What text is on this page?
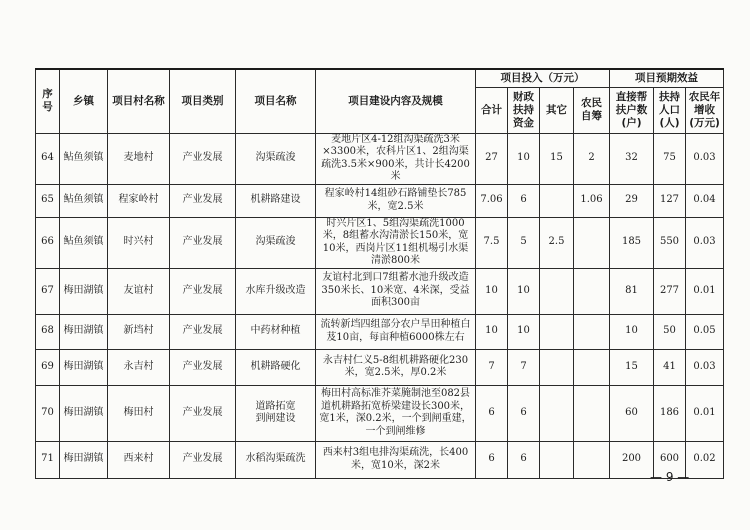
序号	乡镇	项目村名称	项目类别	项目名称	项目建设内容及规模	项目投入（万元）				项目预期效益		
						合计	财政扶持资金	其它	农民自筹	直接帮扶户数(户)	扶持人口(人)	农民年增收(万元)
64	鲇鱼须镇	麦地村	产业发展	沟渠疏浚	麦地片区4-12组沟渠疏洗3米×3300米，农科片区1、2组沟渠疏洗3.5米×900米，共计长4200米	27	10	15	2	32	75	0.03
65	鲇鱼须镇	程家岭村	产业发展	机耕路建设	程家岭村14组砂石路铺垫长785米，宽2.5米	7.06	6		1.06	29	127	0.04
66	鲇鱼须镇	时兴村	产业发展	沟渠疏浚	时兴片区1、5组沟渠疏洗1000米，8组蓄水沟清淤长150米，宽10米，西岗片区11组机埸引水渠清淤800米	7.5	5	2.5		185	550	0.03
67	梅田湖镇	友谊村	产业发展	水库升级改造	友谊村北到口7组蓄水池升级改造350米长、10米宽、4米深，受益面积300亩	10	10			81	277	0.01
68	梅田湖镇	新垱村	产业发展	中药材种植	流转新垱四组部分农户旱田种植白芨10亩，每亩种植6000株左右	10	10			10	50	0.05
69	梅田湖镇	永吉村	产业发展	机耕路硬化	永吉村仁义5-8组机耕路硬化230米，宽2.5米，厚0.2米	7	7			15	41	0.03
70	梅田湖镇	梅田村	产业发展	道路拓宽
到闸建设	梅田村高标准芥菜腌制池至082县道机耕路拓宽桥梁建设长300米，宽1米，深0.2米，一个到闸重建，一个到闸维修	6	6			60	186	0.01
71	梅田湖镇	西来村	产业发展	水稻沟渠疏洗	西来村3组电排沟渠疏洗，长400米，宽10米，深2米	6	6			200	600	0.02
— 9 —
